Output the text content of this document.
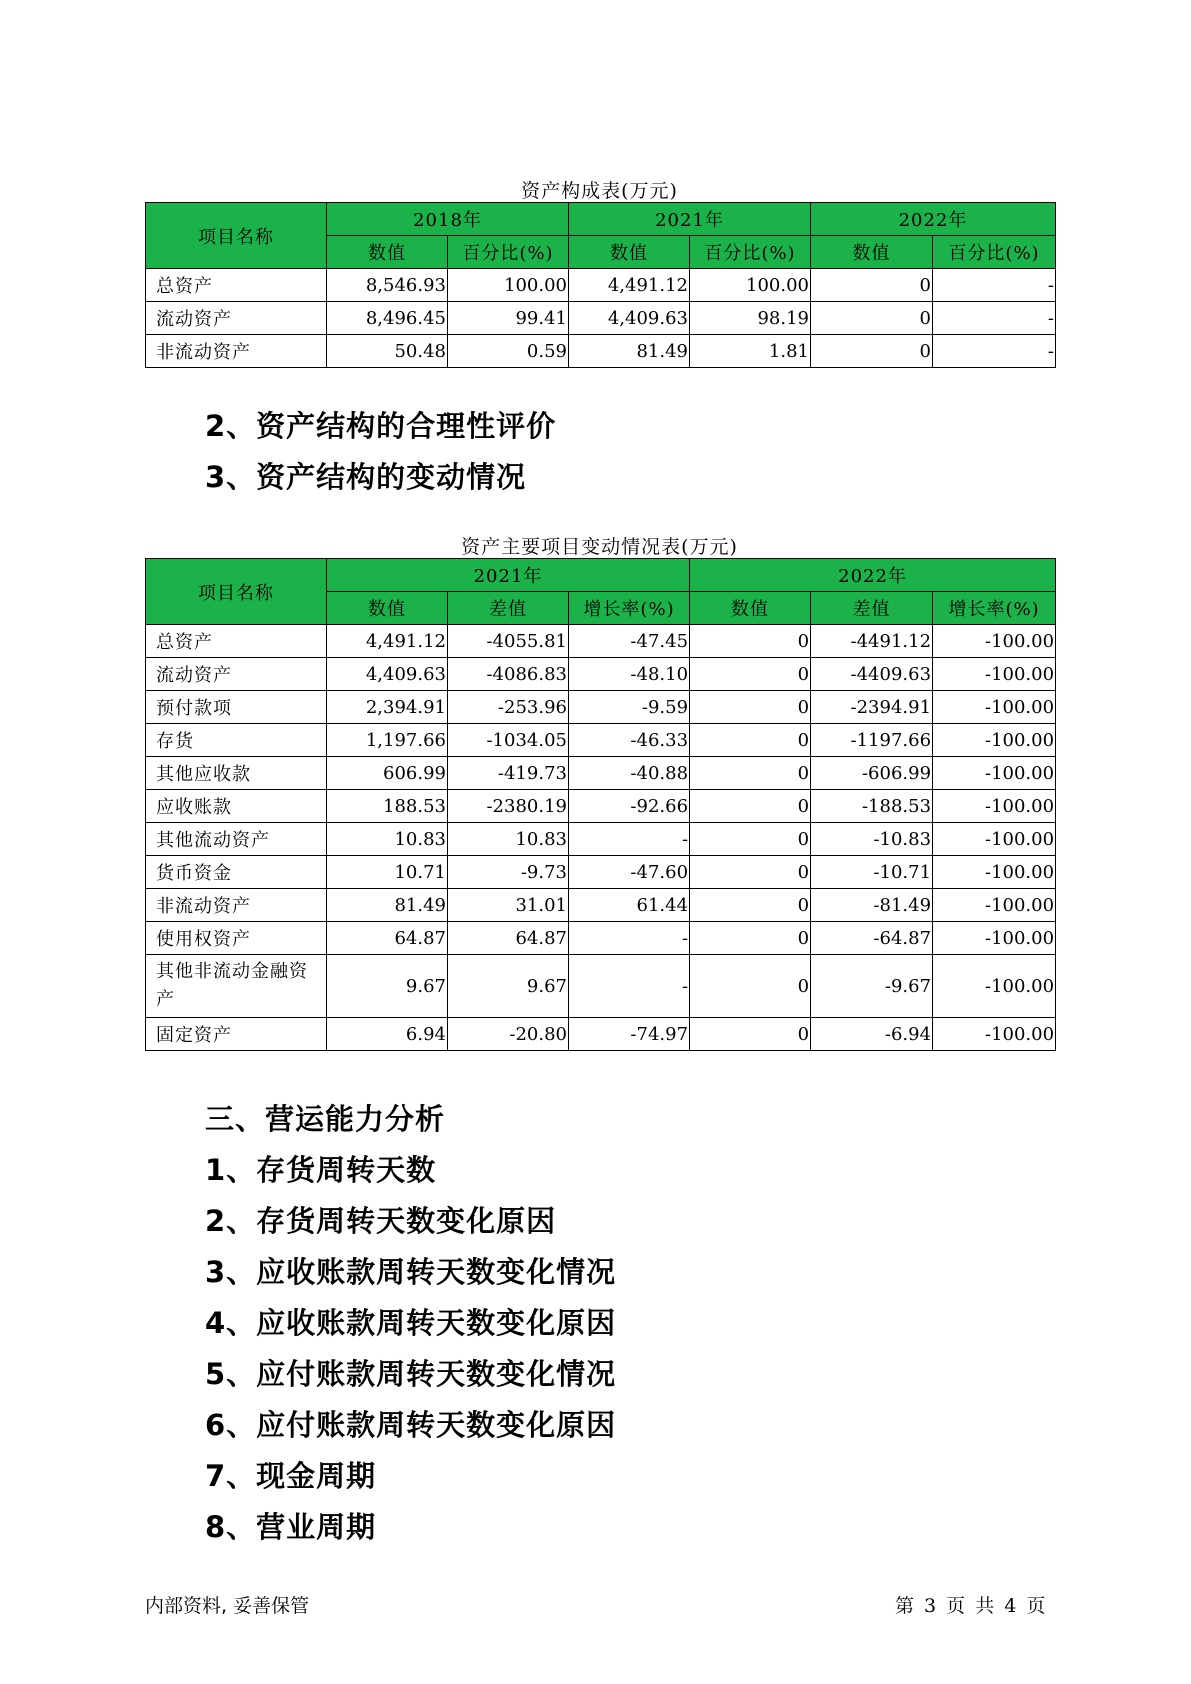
资产构成表(万元)
项目名称	2018年		2021年		2022年	
	数值	百分比(%)	数值	百分比(%)	数值	百分比(%)
总资产	8,546.93	100.00	4,491.12	100.00	0	-
流动资产	8,496.45	99.41	4,409.63	98.19	0	-
非流动资产	50.48	0.59	81.49	1.81	0	-
2、资产结构的合理性评价
3、资产结构的变动情况
资产主要项目变动情况表(万元)
项目名称	2021年			2022年		
	数值	差值	增长率(%)	数值	差值	增长率(%)
总资产	4,491.12	-4055.81	-47.45	0	-4491.12	-100.00
流动资产	4,409.63	-4086.83	-48.10	0	-4409.63	-100.00
预付款项	2,394.91	-253.96	-9.59	0	-2394.91	-100.00
存货	1,197.66	-1034.05	-46.33	0	-1197.66	-100.00
其他应收款	606.99	-419.73	-40.88	0	-606.99	-100.00
应收账款	188.53	-2380.19	-92.66	0	-188.53	-100.00
其他流动资产	10.83	10.83	-	0	-10.83	-100.00
货币资金	10.71	-9.73	-47.60	0	-10.71	-100.00
非流动资产	81.49	31.01	61.44	0	-81.49	-100.00
使用权资产	64.87	64.87	-	0	-64.87	-100.00
其他非流动金融资产	9.67	9.67	-	0	-9.67	-100.00
固定资产	6.94	-20.80	-74.97	0	-6.94	-100.00
三、营运能力分析
1、存货周转天数
2、存货周转天数变化原因
3、应收账款周转天数变化情况
4、应收账款周转天数变化原因
5、应付账款周转天数变化情况
6、应付账款周转天数变化原因
7、现金周期
8、营业周期
内部资料, 妥善保管	第 3 页 共 4 页
